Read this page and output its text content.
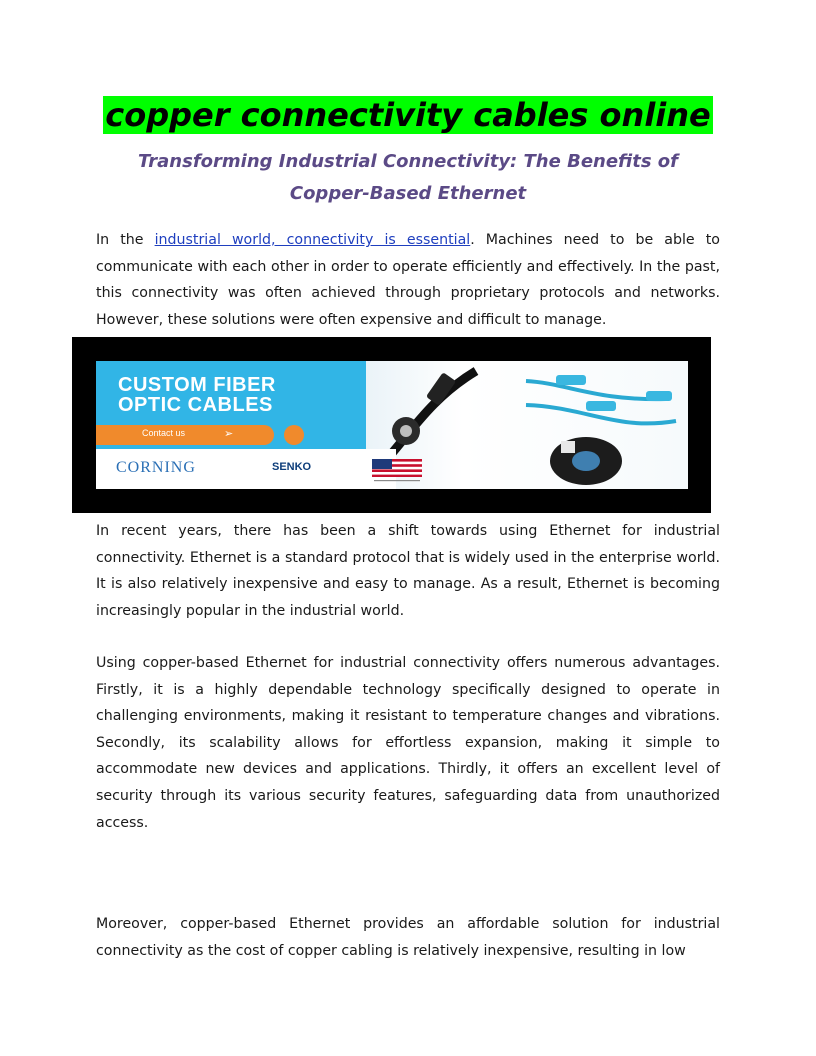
copper connectivity cables online
Transforming Industrial Connectivity: The Benefits of Copper-Based Ethernet

In the industrial world, connectivity is essential. Machines need to be able to communicate with each other in order to operate efficiently and effectively. In the past, this connectivity was often achieved through proprietary protocols and networks. However, these solutions were often expensive and difficult to manage.

CUSTOM FIBER
OPTIC CABLES
Contact us	➢
CORNING	SENKO

In recent years, there has been a shift towards using Ethernet for industrial connectivity. Ethernet is a standard protocol that is widely used in the enterprise world. It is also relatively inexpensive and easy to manage. As a result, Ethernet is becoming increasingly popular in the industrial world.

Using copper-based Ethernet for industrial connectivity offers numerous advantages. Firstly, it is a highly dependable technology specifically designed to operate in challenging environments, making it resistant to temperature changes and vibrations. Secondly, its scalability allows for effortless expansion, making it simple to accommodate new devices and applications. Thirdly, it offers an excellent level of security through its various security features, safeguarding data from unauthorized access.

Moreover, copper-based Ethernet provides an affordable solution for industrial connectivity as the cost of copper cabling is relatively inexpensive, resulting in low
